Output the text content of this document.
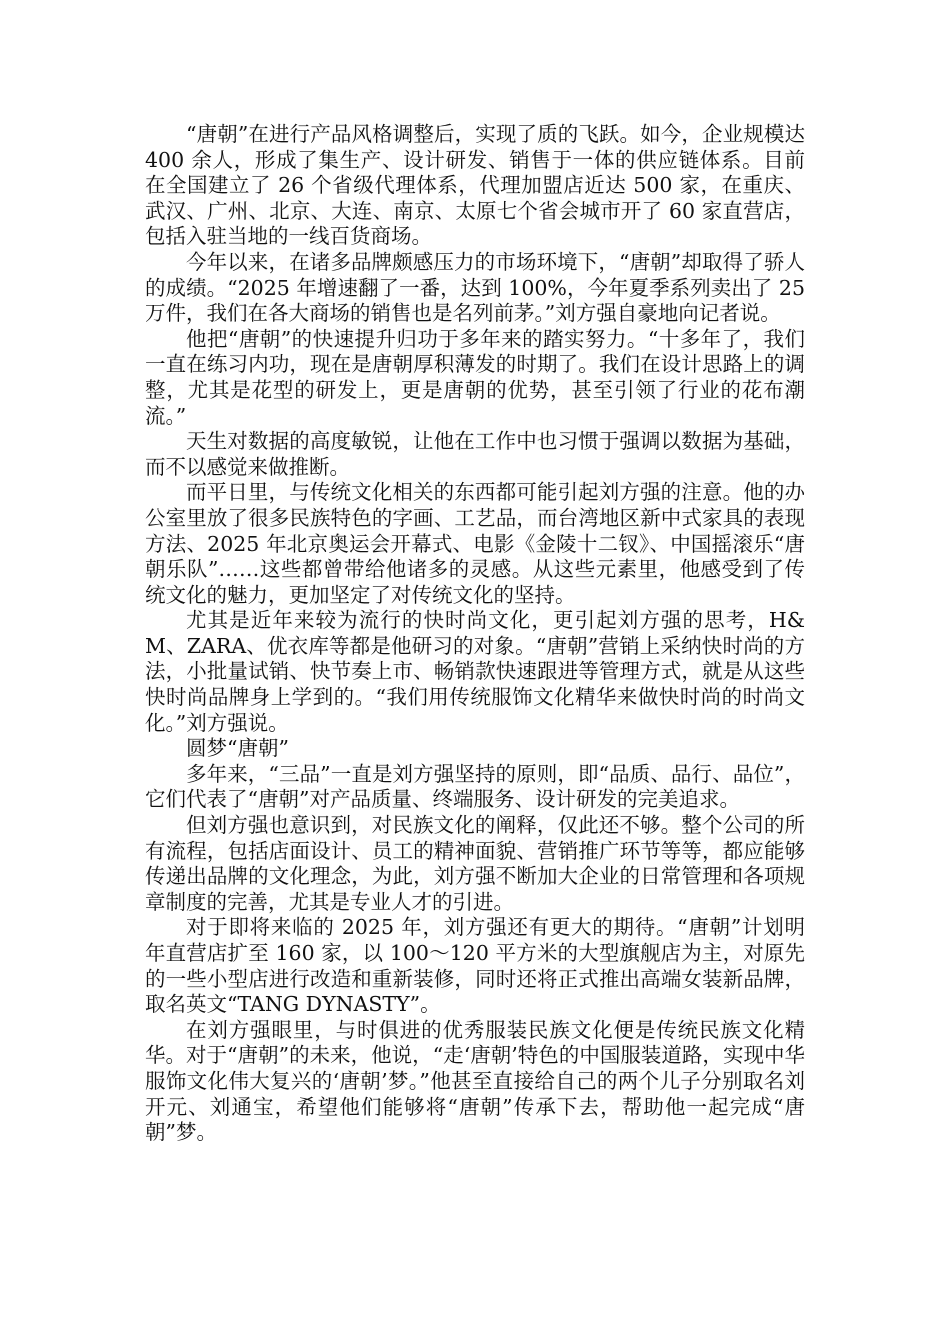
“唐朝”在进行产品风格调整后，实现了质的飞跃。如今，企业规模达 400 余人，形成了集生产、设计研发、销售于一体的供应链体系。目前在全国建立了 26 个省级代理体系，代理加盟店近达 500 家，在重庆、武汉、广州、北京、大连、南京、太原七个省会城市开了 60 家直营店，包括入驻当地的一线百货商场。

今年以来，在诸多品牌颇感压力的市场环境下，“唐朝”却取得了骄人的成绩。“2025 年增速翻了一番，达到 100%，今年夏季系列卖出了 25 万件，我们在各大商场的销售也是名列前茅。”刘方强自豪地向记者说。

他把“唐朝”的快速提升归功于多年来的踏实努力。“十多年了，我们一直在练习内功，现在是唐朝厚积薄发的时期了。我们在设计思路上的调整，尤其是花型的研发上，更是唐朝的优势，甚至引领了行业的花布潮流。”

天生对数据的高度敏锐，让他在工作中也习惯于强调以数据为基础，而不以感觉来做推断。

而平日里，与传统文化相关的东西都可能引起刘方强的注意。他的办公室里放了很多民族特色的字画、工艺品，而台湾地区新中式家具的表现方法、2025 年北京奥运会开幕式、电影《金陵十二钗》、中国摇滚乐“唐朝乐队”……这些都曾带给他诸多的灵感。从这些元素里，他感受到了传统文化的魅力，更加坚定了对传统文化的坚持。

尤其是近年来较为流行的快时尚文化，更引起刘方强的思考，H&M、ZARA、优衣库等都是他研习的对象。“唐朝”营销上采纳快时尚的方法，小批量试销、快节奏上市、畅销款快速跟进等管理方式，就是从这些快时尚品牌身上学到的。“我们用传统服饰文化精华来做快时尚的时尚文化。”刘方强说。

圆梦“唐朝”

多年来，“三品”一直是刘方强坚持的原则，即“品质、品行、品位”，它们代表了“唐朝”对产品质量、终端服务、设计研发的完美追求。

但刘方强也意识到，对民族文化的阐释，仅此还不够。整个公司的所有流程，包括店面设计、员工的精神面貌、营销推广环节等等，都应能够传递出品牌的文化理念，为此，刘方强不断加大企业的日常管理和各项规章制度的完善，尤其是专业人才的引进。

对于即将来临的 2025 年，刘方强还有更大的期待。“唐朝”计划明年直营店扩至 160 家，以 100～120 平方米的大型旗舰店为主，对原先的一些小型店进行改造和重新装修，同时还将正式推出高端女装新品牌，取名英文“TANG DYNASTY”。

在刘方强眼里，与时俱进的优秀服装民族文化便是传统民族文化精华。对于“唐朝”的未来，他说，“走‘唐朝’特色的中国服装道路，实现中华服饰文化伟大复兴的‘唐朝’梦。”他甚至直接给自己的两个儿子分别取名刘开元、刘通宝，希望他们能够将“唐朝”传承下去，帮助他一起完成“唐朝”梦。
